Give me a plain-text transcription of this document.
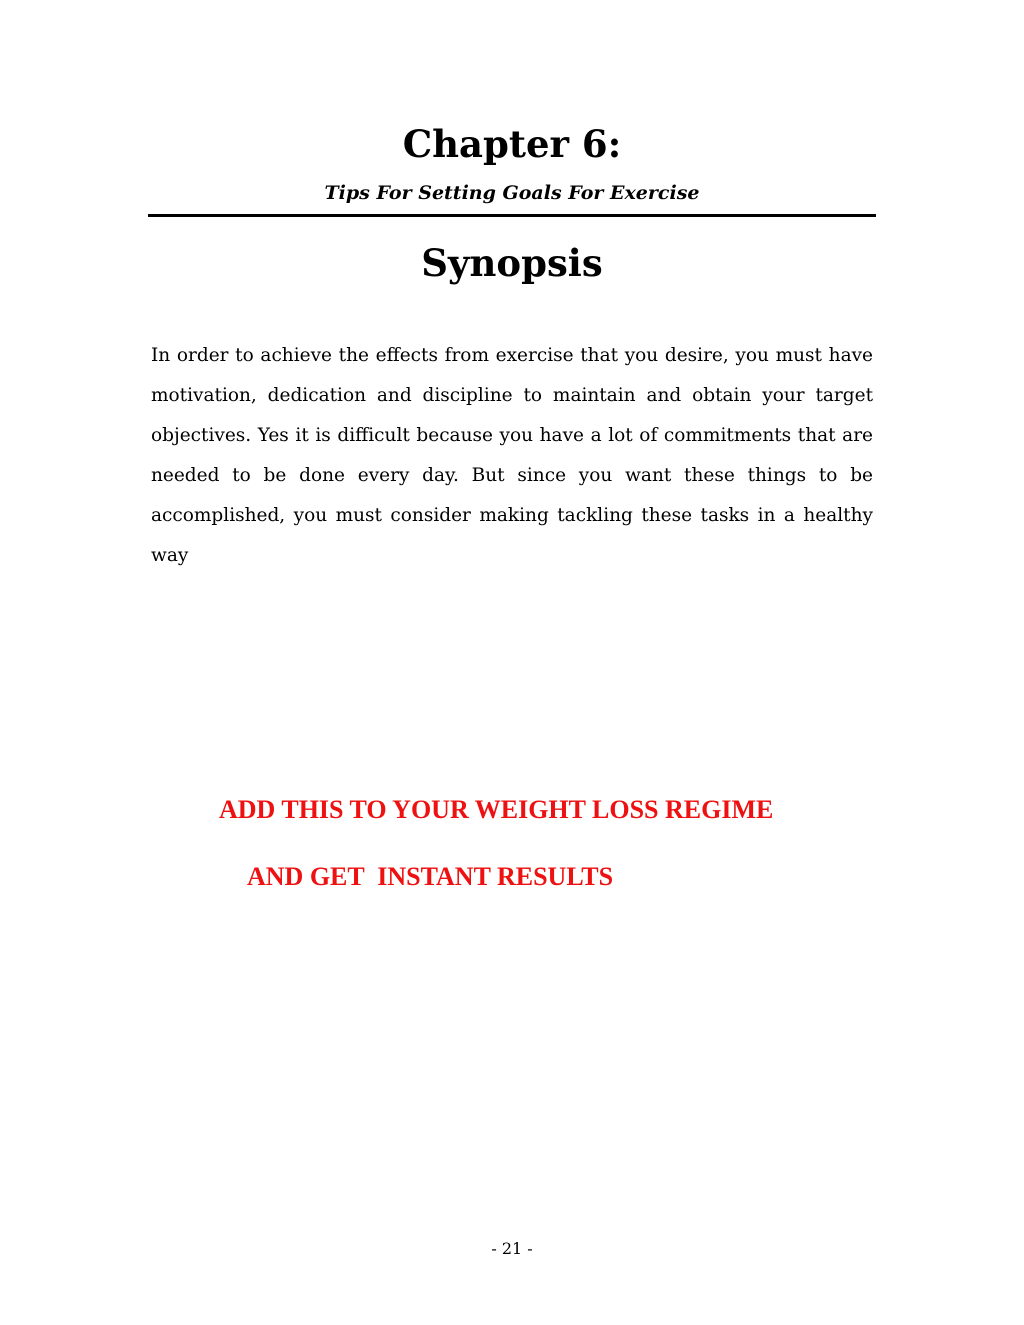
Chapter 6:
Tips For Setting Goals For Exercise
Synopsis

In order to achieve the effects from exercise that you desire, you must have motivation, dedication and discipline to maintain and obtain your target objectives. Yes it is difficult because you have a lot of commitments that are needed to be done every day. But since you want these things to be accomplished, you must consider making tackling these tasks in a healthy way

ADD THIS TO YOUR WEIGHT LOSS REGIME

AND GET  INSTANT RESULTS

- 21 -
